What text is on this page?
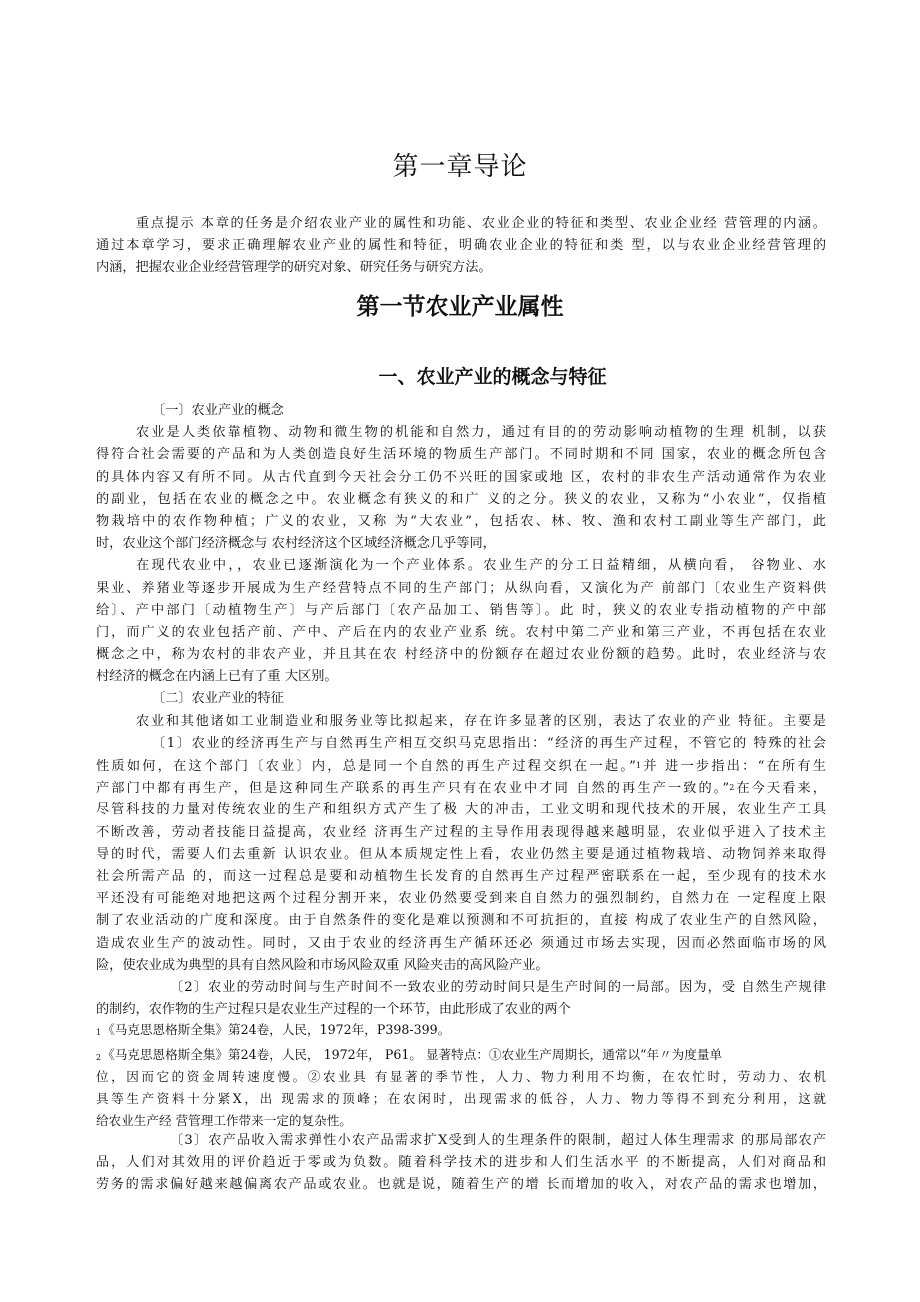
第一章导论
重点提示 本章的任务是介绍农业产业的属性和功能、农业企业的特征和类型、农业企业经 营管理的内涵。
通过本章学习，要求正确理解农业产业的属性和特征，明确农业企业的特征和类 型，以与农业企业经营管理的
内涵，把握农业企业经营管理学的研究对象、研究任务与研究方法。
第一节农业产业属性
一、农业产业的概念与特征
〔一〕农业产业的概念
农业是人类依靠植物、动物和微生物的机能和自然力，通过有目的的劳动影响动植物的生理 机制，以获
得符合社会需要的产品和为人类创造良好生活环境的物质生产部门。不同时期和不同 国家，农业的概念所包含
的具体内容又有所不同。从古代直到今天社会分工仍不兴旺的国家或地 区，农村的非农生产活动通常作为农业
的副业，包括在农业的概念之中。农业概念有狭义的和广 义的之分。狭义的农业，又称为“小农业”，仅指植
物栽培中的农作物种植；广义的农业，又称 为“大农业”，包括农、林、牧、渔和农村工副业等生产部门，此
时，农业这个部门经济概念与 农村经济这个区域经济概念几乎等同，
在现代农业中，，农业已逐渐演化为一个产业体系。农业生产的分工日益精细，从横向看， 谷物业、水
果业、养猪业等逐步开展成为生产经营特点不同的生产部门；从纵向看，又演化为产 前部门〔农业生产资料供
给〕、产中部门〔动植物生产〕与产后部门〔农产品加工、销售等〕。此 时，狭义的农业专指动植物的产中部
门，而广义的农业包括产前、产中、产后在内的农业产业系 统。农村中第二产业和第三产业，不再包括在农业
概念之中，称为农村的非农产业，并且其在农 村经济中的份额存在超过农业份额的趋势。此时，农业经济与农
村经济的概念在内涵上已有了重 大区别。
〔二〕农业产业的特征
农业和其他诸如工业制造业和服务业等比拟起来，存在许多显著的区别，表达了农业的产业 特征。主要是
〔1〕农业的经济再生产与自然再生产相互交织马克思指出：“经济的再生产过程，不管它的 特殊的社会
性质如何，在这个部门〔农业〕内，总是同一个自然的再生产过程交织在一起。”$^1$并 进一步指出：“在所有生
产部门中都有再生产，但是这种同生产联系的再生产只有在农业中才同 自然的再生产一致的。”$^2$在今天看来，
尽管科技的力量对传统农业的生产和组织方式产生了极 大的冲击，工业文明和现代技术的开展，农业生产工具
不断改善，劳动者技能日益提高，农业经 济再生产过程的主导作用表现得越来越明显，农业似乎进入了技术主
导的时代，需要人们去重新 认识农业。但从本质规定性上看，农业仍然主要是通过植物栽培、动物饲养来取得
社会所需产品 的，而这一过程总是要和动植物生长发育的自然再生产过程严密联系在一起，至少现有的技术水
平还没有可能绝对地把这两个过程分割开来，农业仍然要受到来自自然力的强烈制约，自然力在 一定程度上限
制了农业活动的广度和深度。由于自然条件的变化是难以预测和不可抗拒的，直接 构成了农业生产的自然风险，
造成农业生产的波动性。同时，又由于农业的经济再生产循环还必 须通过市场去实现，因而必然面临市场的风
险，使农业成为典型的具有自然风险和市场风险双重 风险夹击的高风险产业。
〔2〕农业的劳动时间与生产时间不一致农业的劳动时间只是生产时间的一局部。因为，受 自然生产规律
的制约，农作物的生产过程只是农业生产过程的一个环节，由此形成了农业的两个
1《马克思恩格斯全集》第24卷，人民，1972年，P398-399。
2《马克思恩格斯全集》第24卷，人民， 1972年， P61。 显著特点：①农业生产周期长，通常以“年〃为度量单
位，因而它的资金周转速度慢。②农业具 有显著的季节性，人力、物力利用不均衡，在农忙时，劳动力、农机
具等生产资料十分紧X，出 现需求的顶峰；在农闲时，出现需求的低谷，人力、物力等得不到充分利用，这就
给农业生产经 营管理工作带来一定的复杂性。
〔3〕农产品收入需求弹性小农产品需求扩X受到人的生理条件的限制，超过人体生理需求 的那局部农产
品，人们对其效用的评价趋近于零或为负数。随着科学技术的进步和人们生活水平 的不断提高，人们对商品和
劳务的需求偏好越来越偏离农产品或农业。也就是说，随着生产的增 长而增加的收入，对农产品的需求也增加，
